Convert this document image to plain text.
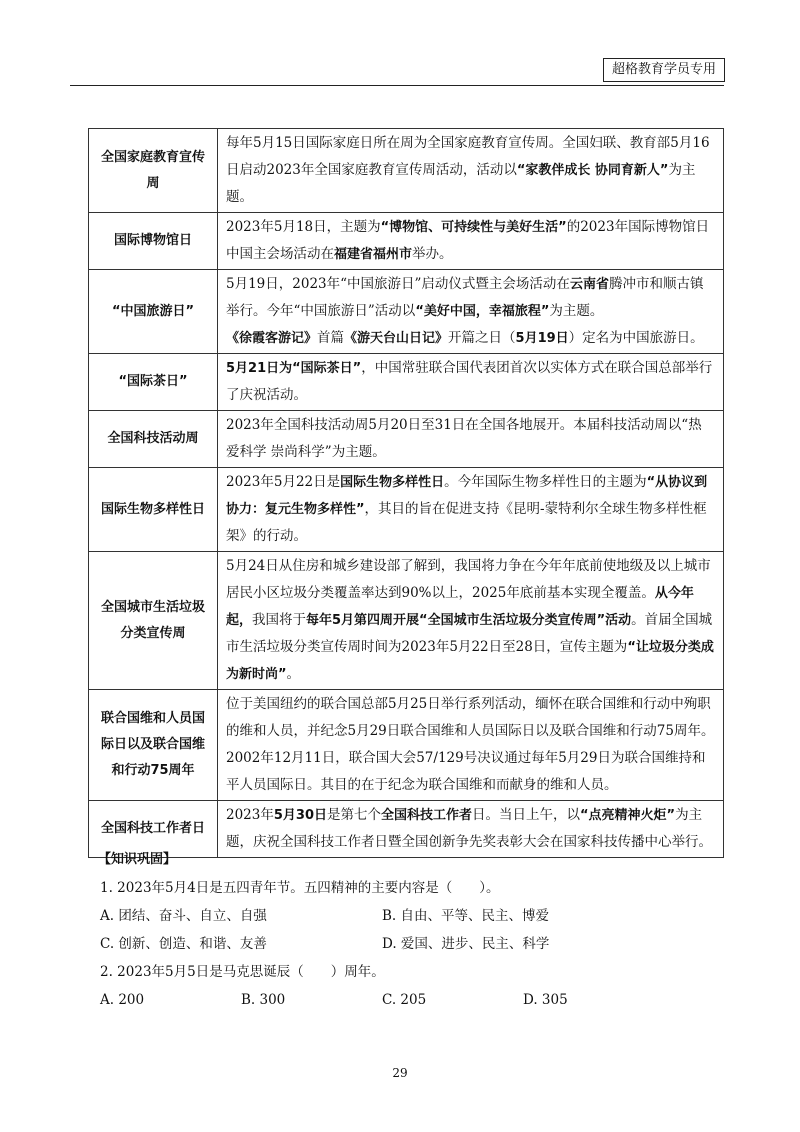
超格教育学员专用
全国家庭教育宣传周	每年5月15日国际家庭日所在周为全国家庭教育宣传周。全国妇联、教育部5月16日启动2023年全国家庭教育宣传周活动，活动以“家教伴成长 协同育新人”为主题。
国际博物馆日	2023年5月18日，主题为“博物馆、可持续性与美好生活”的2023年国际博物馆日中国主会场活动在福建省福州市举办。
“中国旅游日”	5月19日，2023年“中国旅游日”启动仪式暨主会场活动在云南省腾冲市和顺古镇举行。今年“中国旅游日”活动以“美好中国，幸福旅程”为主题。
《徐霞客游记》首篇《游天台山日记》开篇之日（5月19日）定名为中国旅游日。
“国际茶日”	5月21日为“国际茶日”，中国常驻联合国代表团首次以实体方式在联合国总部举行了庆祝活动。
全国科技活动周	2023年全国科技活动周5月20日至31日在全国各地展开。本届科技活动周以“热爱科学 崇尚科学”为主题。
国际生物多样性日	2023年5月22日是国际生物多样性日。今年国际生物多样性日的主题为“从协议到协力：复元生物多样性”，其目的旨在促进支持《昆明-蒙特利尔全球生物多样性框架》的行动。
全国城市生活垃圾分类宣传周	5月24日从住房和城乡建设部了解到，我国将力争在今年年底前使地级及以上城市居民小区垃圾分类覆盖率达到90%以上，2025年底前基本实现全覆盖。从今年起，我国将于每年5月第四周开展“全国城市生活垃圾分类宣传周”活动。首届全国城市生活垃圾分类宣传周时间为2023年5月22日至28日，宣传主题为“让垃圾分类成为新时尚”。
联合国维和人员国际日以及联合国维和行动75周年	位于美国纽约的联合国总部5月25日举行系列活动，缅怀在联合国维和行动中殉职的维和人员，并纪念5月29日联合国维和人员国际日以及联合国维和行动75周年。2002年12月11日，联合国大会57/129号决议通过每年5月29日为联合国维持和平人员国际日。其目的在于纪念为联合国维和而献身的维和人员。
全国科技工作者日	2023年5月30日是第七个全国科技工作者日。当日上午，以“点亮精神火炬”为主题，庆祝全国科技工作者日暨全国创新争先奖表彰大会在国家科技传播中心举行。
【知识巩固】
1. 2023年5月4日是五四青年节。五四精神的主要内容是（　　）。
A. 团结、奋斗、自立、自强	B. 自由、平等、民主、博爱
C. 创新、创造、和谐、友善	D. 爱国、进步、民主、科学
2. 2023年5月5日是马克思诞辰（　　）周年。
A. 200	B. 300	C. 205	D. 305
29
